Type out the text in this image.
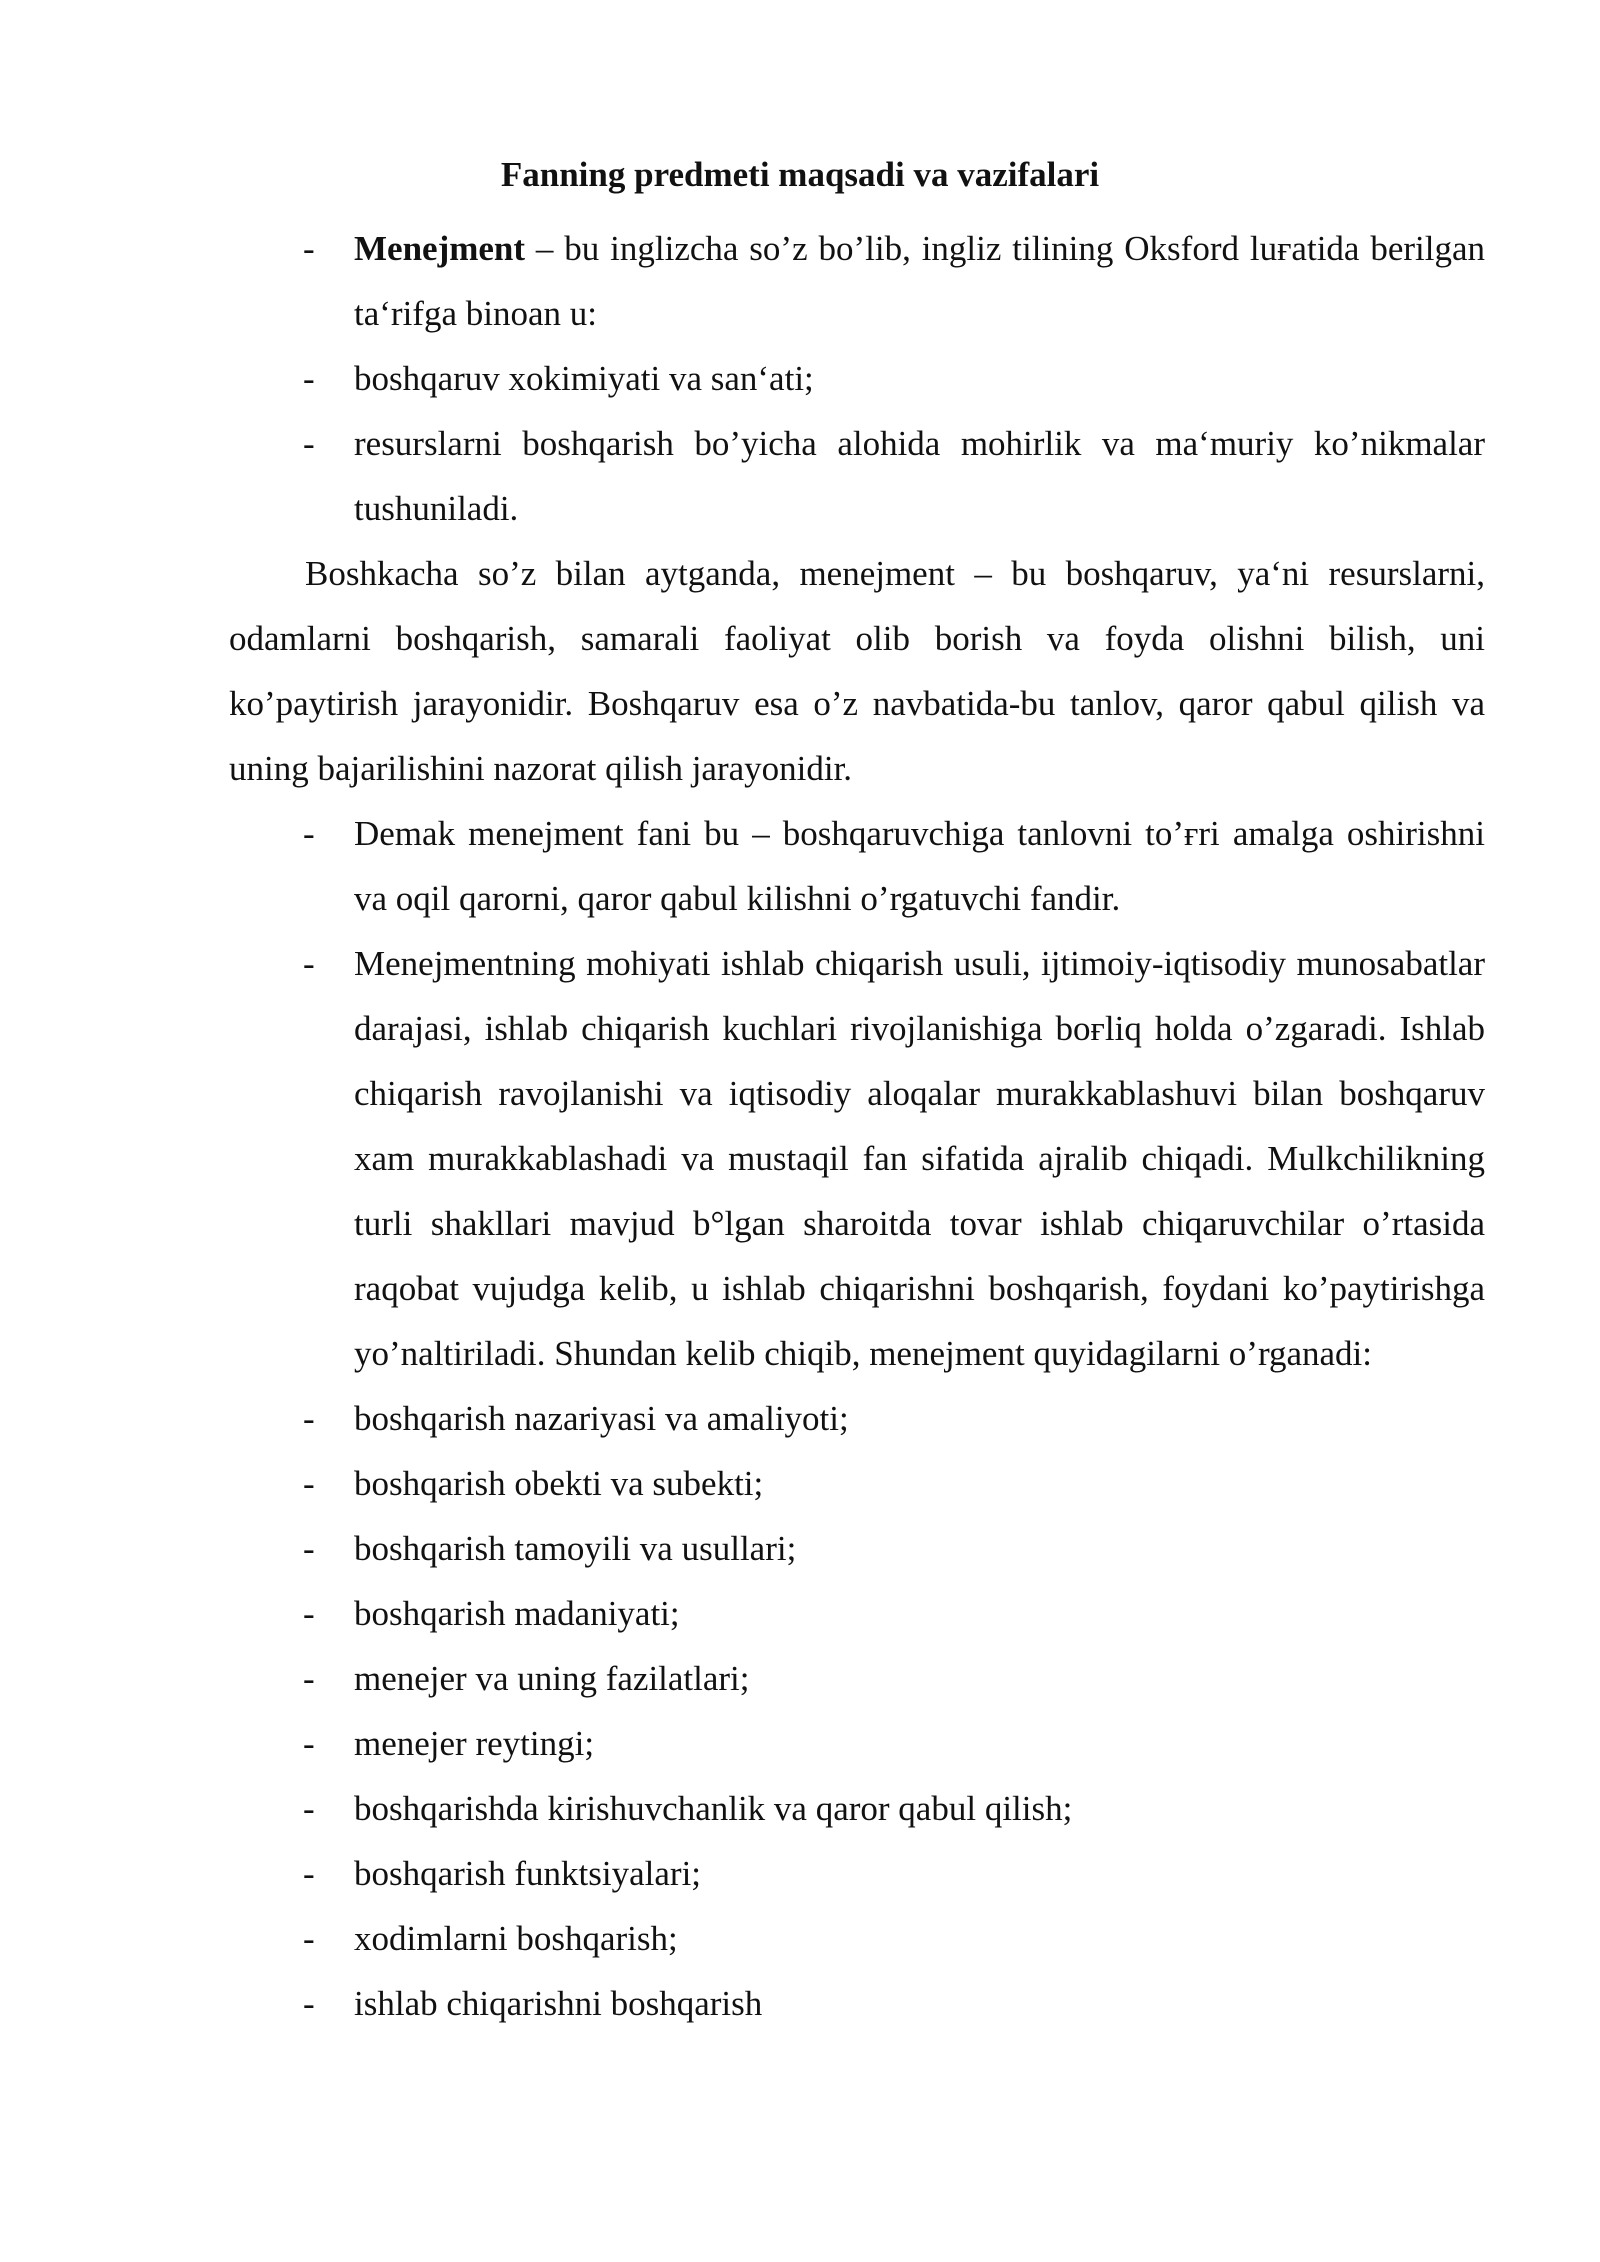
Fanning predmeti maqsadi va vazifalari

- Menejment – bu inglizcha so’z bo’lib, ingliz tilining Oksford luғatida berilgan ta‘rifga binoan u:

- boshqaruv xokimiyati va san‘ati;

- resurslarni boshqarish bo’yicha alohida mohirlik va ma‘muriy ko’nikmalar tushuniladi.

Boshkacha so’z bilan aytganda, menejment – bu boshqaruv, ya‘ni resurslarni, odamlarni boshqarish, samarali faoliyat olib borish va foyda olishni bilish, uni ko’paytirish jarayonidir. Boshqaruv esa o’z navbatida-bu tanlov, qaror qabul qilish va uning bajarilishini nazorat qilish jarayonidir.

- Demak menejment fani bu – boshqaruvchiga tanlovni to’ғri amalga oshirishni va oqil qarorni, qaror qabul kilishni o’rgatuvchi fandir.

- Menejmentning mohiyati ishlab chiqarish usuli, ijtimoiy-iqtisodiy munosabatlar darajasi, ishlab chiqarish kuchlari rivojlanishiga boғliq holda o’zgaradi. Ishlab chiqarish ravojlanishi va iqtisodiy aloqalar murakkablashuvi bilan boshqaruv xam murakkablashadi va mustaqil fan sifatida ajralib chiqadi. Mulkchilikning turli shakllari mavjud b°lgan sharoitda tovar ishlab chiqaruvchilar o’rtasida raqobat vujudga kelib, u ishlab chiqarishni boshqarish, foydani ko’paytirishga yo’naltiriladi. Shundan kelib chiqib, menejment quyidagilarni o’rganadi:

- boshqarish nazariyasi va amaliyoti;

- boshqarish obekti va subekti;

- boshqarish tamoyili va usullari;

- boshqarish madaniyati;

- menejer va uning fazilatlari;

- menejer reytingi;

- boshqarishda kirishuvchanlik va qaror qabul qilish;

- boshqarish funktsiyalari;

- xodimlarni boshqarish;

- ishlab chiqarishni boshqarish
